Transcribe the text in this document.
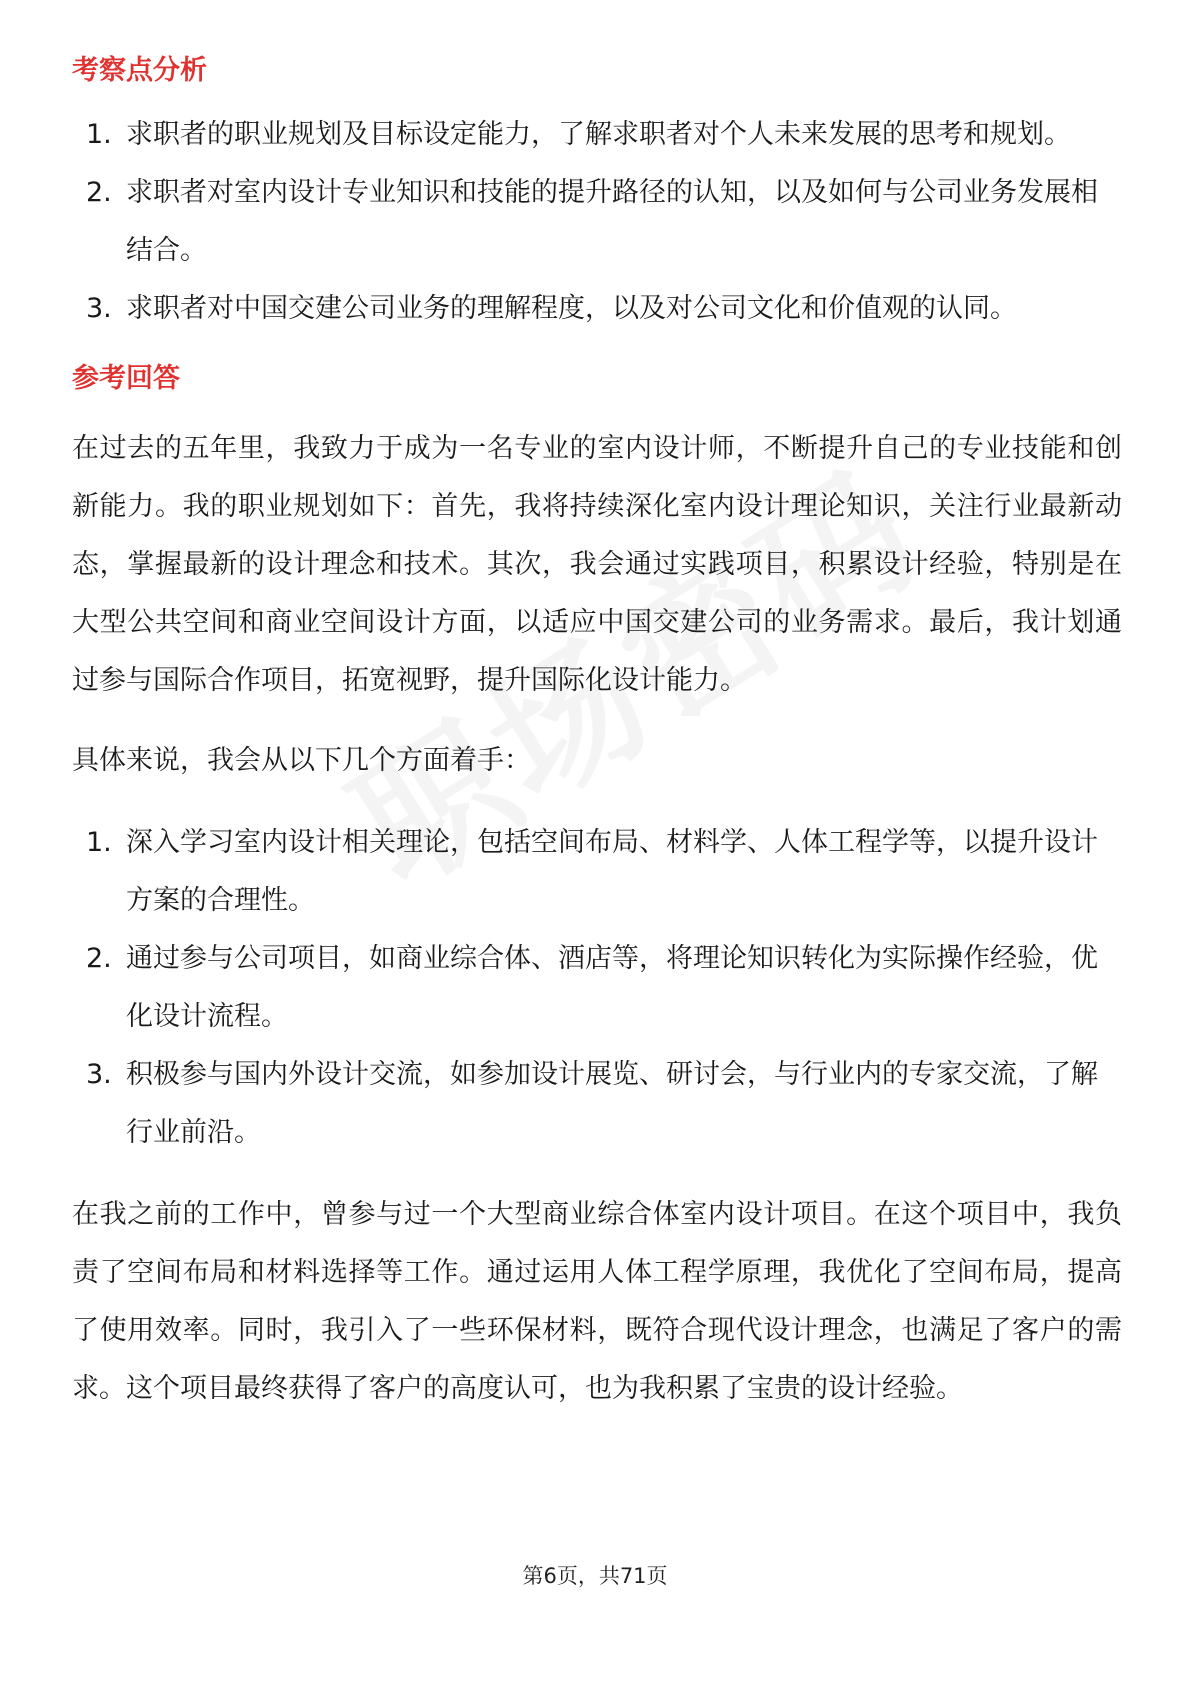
考察点分析
1. 求职者的职业规划及目标设定能力，了解求职者对个人未来发展的思考和规划。
2. 求职者对室内设计专业知识和技能的提升路径的认知，以及如何与公司业务发展相结合。
3. 求职者对中国交建公司业务的理解程度，以及对公司文化和价值观的认同。
参考回答

在过去的五年里，我致力于成为一名专业的室内设计师，不断提升自己的专业技能和创新能力。我的职业规划如下：首先，我将持续深化室内设计理论知识，关注行业最新动态，掌握最新的设计理念和技术。其次，我会通过实践项目，积累设计经验，特别是在大型公共空间和商业空间设计方面，以适应中国交建公司的业务需求。最后，我计划通过参与国际合作项目，拓宽视野，提升国际化设计能力。

具体来说，我会从以下几个方面着手：

1. 深入学习室内设计相关理论，包括空间布局、材料学、人体工程学等，以提升设计方案的合理性。
2. 通过参与公司项目，如商业综合体、酒店等，将理论知识转化为实际操作经验，优化设计流程。
3. 积极参与国内外设计交流，如参加设计展览、研讨会，与行业内的专家交流，了解行业前沿。

在我之前的工作中，曾参与过一个大型商业综合体室内设计项目。在这个项目中，我负责了空间布局和材料选择等工作。通过运用人体工程学原理，我优化了空间布局，提高了使用效率。同时，我引入了一些环保材料，既符合现代设计理念，也满足了客户的需求。这个项目最终获得了客户的高度认可，也为我积累了宝贵的设计经验。

第6页，共71页
